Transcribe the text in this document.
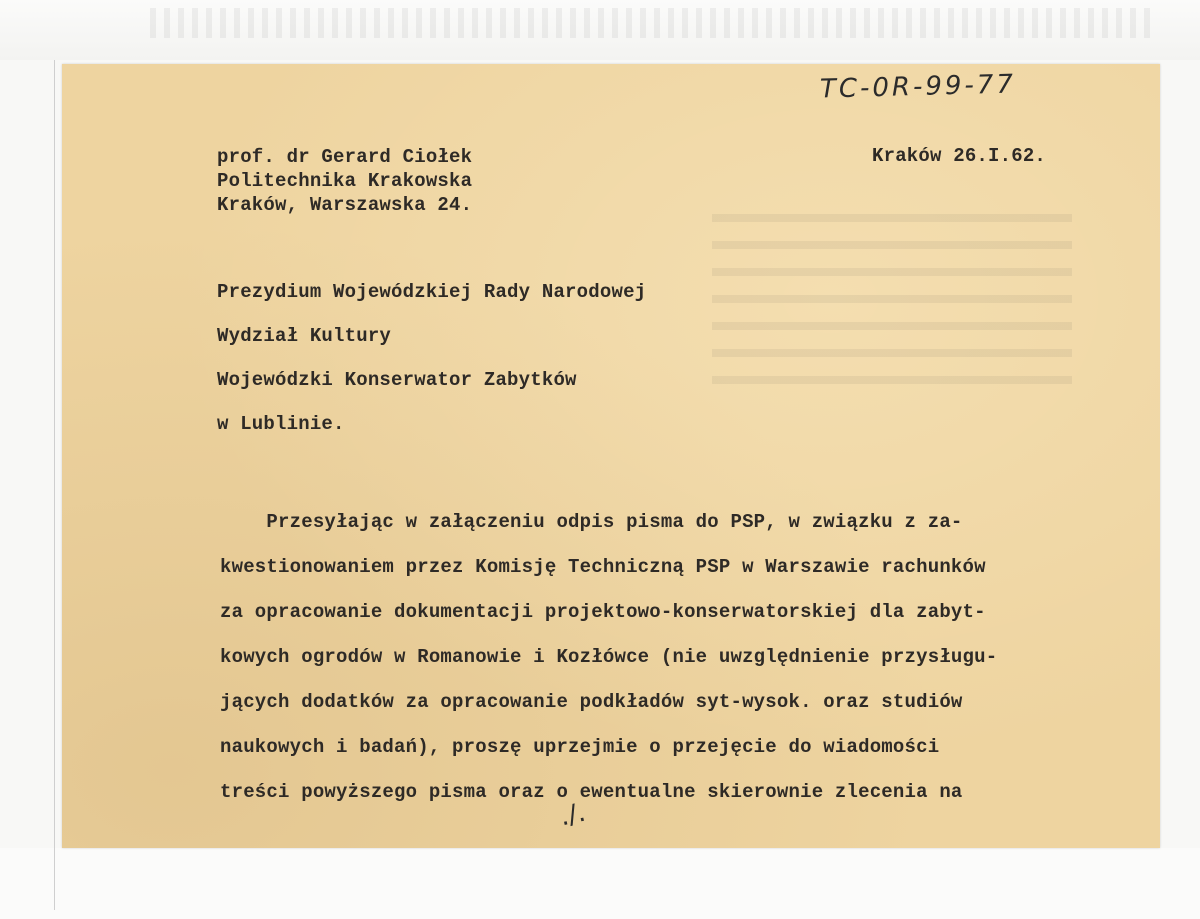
TC-0R-99-77
prof. dr Gerard Ciołek
Politechnika Krakowska
Kraków, Warszawska 24.
Kraków 26.I.62.
Prezydium Wojewódzkiej Rady Narodowej
Wydział Kultury
Wojewódzki Konserwator Zabytków
w Lublinie.
Przesyłając w załączeniu odpis pisma do PSP, w związku z za-
kwestionowaniem przez Komisję Techniczną PSP w Warszawie rachunków
za opracowanie dokumentacji projektowo-konserwatorskiej dla zabyt-
kowych ogrodów w Romanowie i Kozłówce (nie uwzględnienie przysługu-
jących dodatków za opracowanie podkładów syt-wysok. oraz studiów
naukowych i badań), proszę uprzejmie o przejęcie do wiadomości
treści powyższego pisma oraz o ewentualne skierownie zlecenia na
./.
